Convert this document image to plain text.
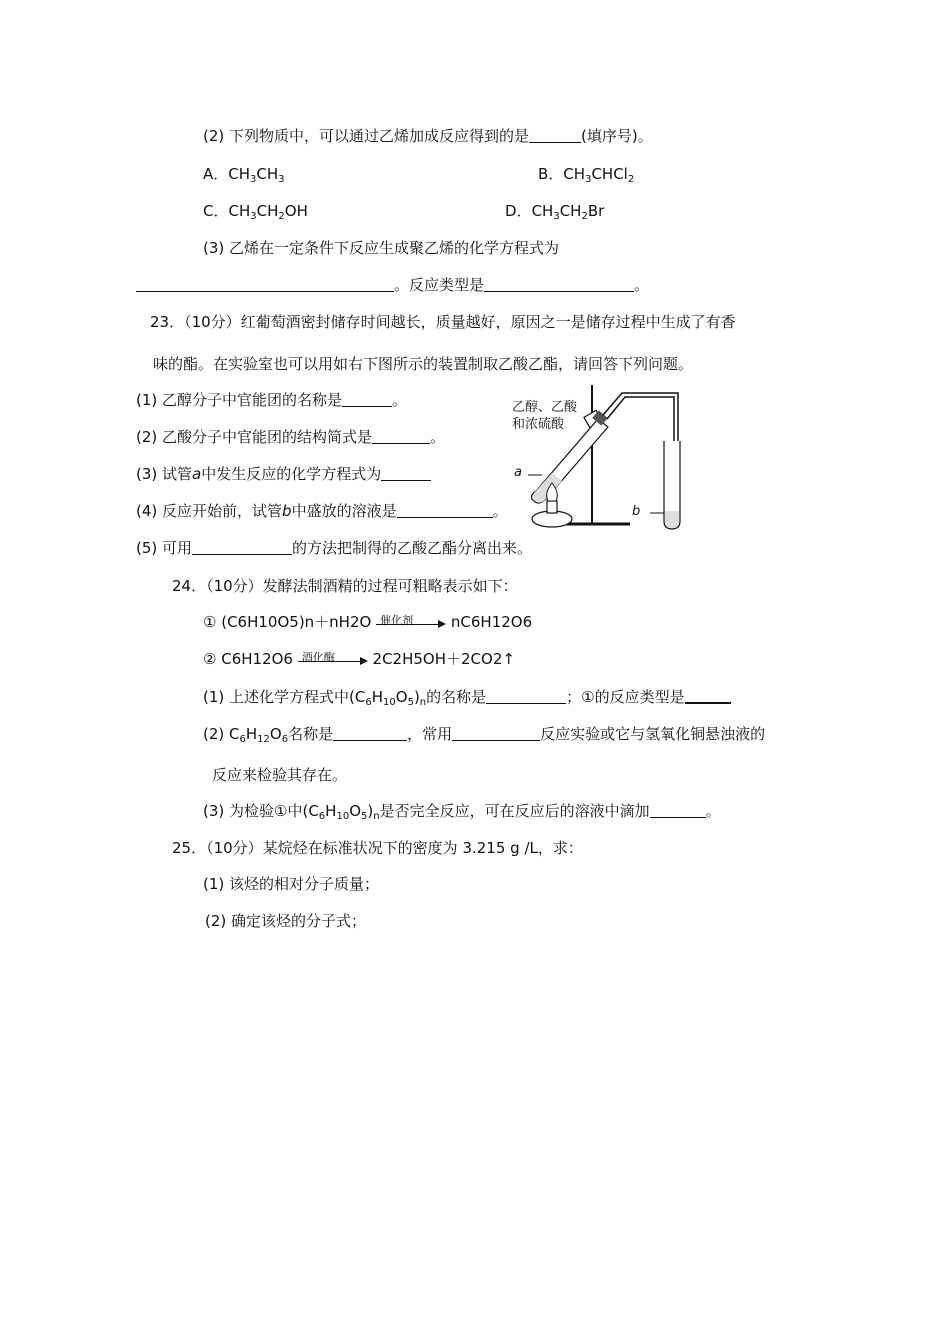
(2) 下列物质中，可以通过乙烯加成反应得到的是	(填序号)。
A．$CH_3CH_3$	B．$CH_3CHCl_2$
C．$CH_3CH_2OH$	D．$CH_3CH_2Br$
(3) 乙烯在一定条件下反应生成聚乙烯的化学方程式为
。反应类型是	。
23．（10分）红葡萄酒密封储存时间越长，质量越好，原因之一是储存过程中生成了有香
味的酯。在实验室也可以用如右下图所示的装置制取乙酸乙酯，请回答下列问题。
(1) 乙醇分子中官能团的名称是	。
(2) 乙酸分子中官能团的结构简式是	。
(3) 试管a中发生反应的化学方程式为
(4) 反应开始前，试管b中盛放的溶液是	。
(5) 可用	的方法把制得的乙酸乙酯分离出来。
乙醇、乙酸
和浓硫酸
a
b
24．（10分）发酵法制酒精的过程可粗略表示如下：
① (C6H10O5)n＋nH2O 催化剂	nC6H12O6
② C6H12O6 酒化酶	2C2H5OH＋2CO2↑
(1) 上述化学方程式中$(C_6H_{10}O_5)_n$的名称是	；①的反应类型是
(2) $C_6H_{12}O_6$名称是	，常用	反应实验或它与氢氧化铜悬浊液的
反应来检验其存在。
(3) 为检验①中$(C_6H_{10}O_5)_n$是否完全反应，可在反应后的溶液中滴加	。
25．（10分）某烷烃在标准状况下的密度为 3.215 g /L，求：
(1) 该烃的相对分子质量；
(2) 确定该烃的分子式；
